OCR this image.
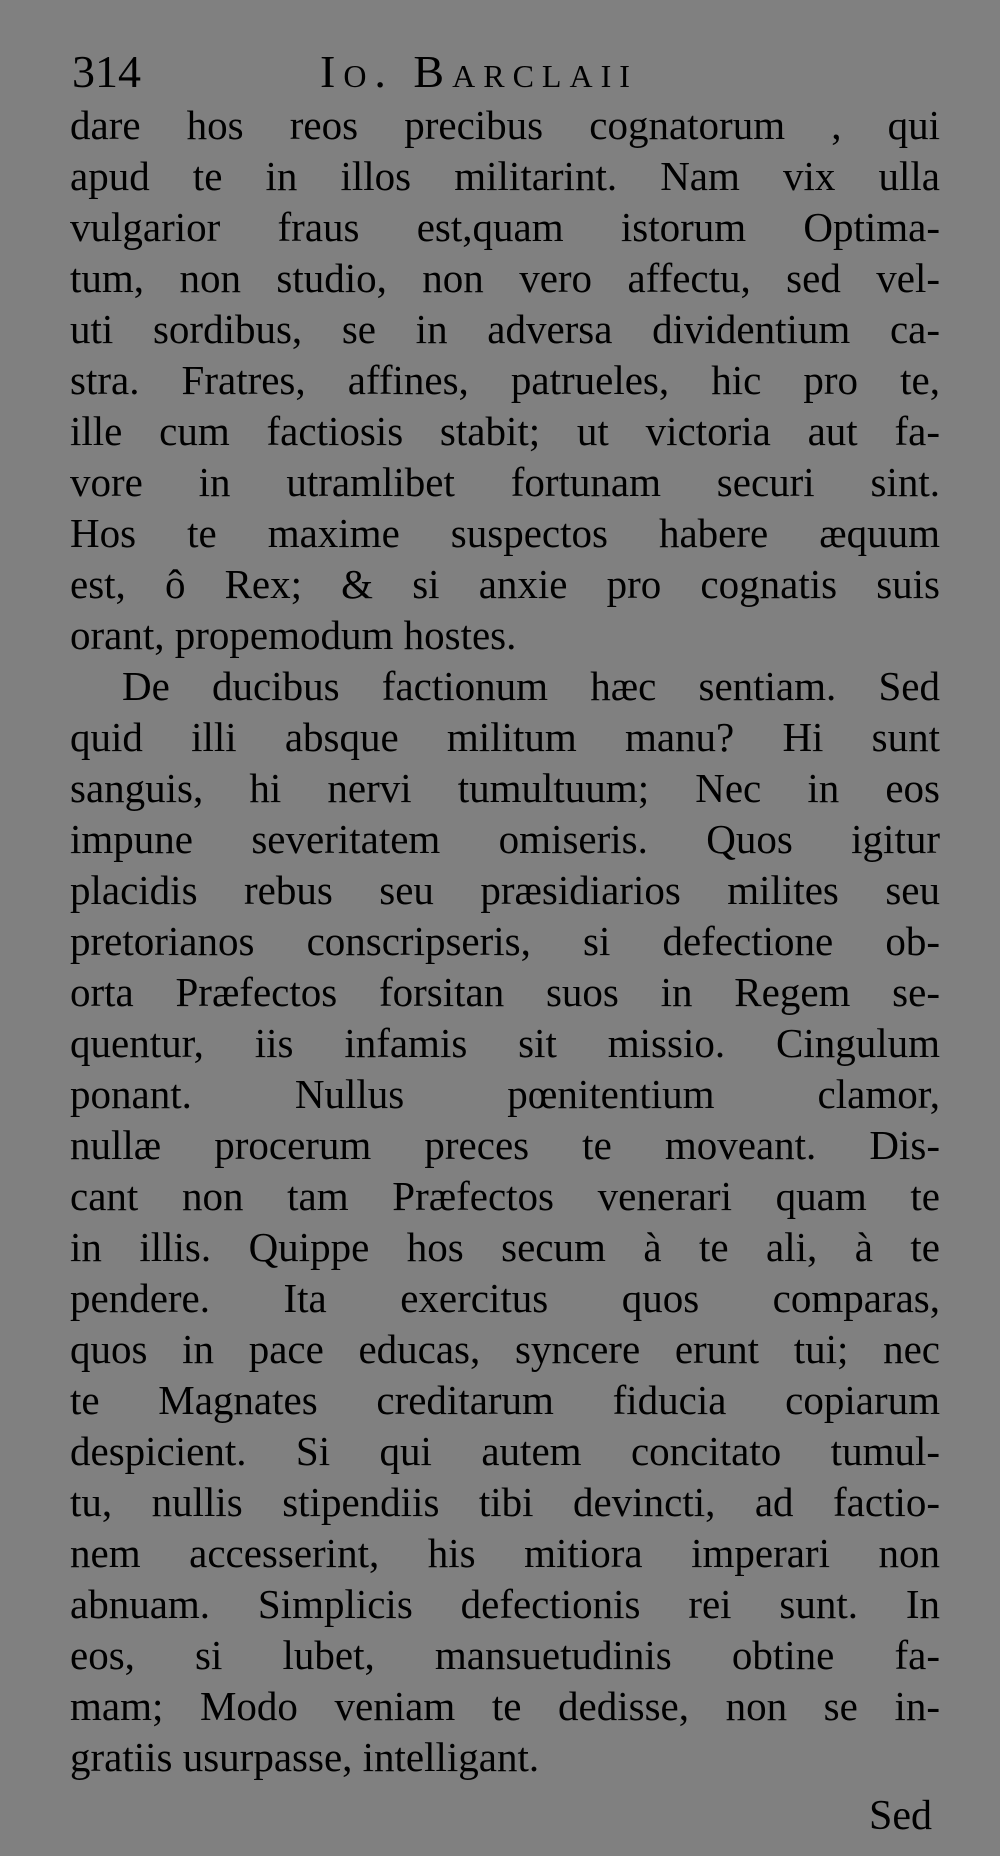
314	Io. Barclaii
dare hos reos precibus cognatorum , qui
apud te in illos militarint. Nam vix ulla
vulgarior fraus est,quam istorum Optima-
tum, non studio, non vero affectu, sed vel-
uti sordibus, se in adversa dividentium ca-
stra. Fratres, affines, patrueles, hic pro te,
ille cum factiosis stabit; ut victoria aut fa-
vore in utramlibet fortunam securi sint.
Hos te maxime suspectos habere æquum
est, ô Rex; & si anxie pro cognatis suis
orant, propemodum hostes.
De ducibus factionum hæc sentiam. Sed
quid illi absque militum manu? Hi sunt
sanguis, hi nervi tumultuum; Nec in eos
impune severitatem omiseris. Quos igitur
placidis rebus seu præsidiarios milites seu
pretorianos conscripseris, si defectione ob-
orta Præfectos forsitan suos in Regem se-
quentur, iis infamis sit missio. Cingulum
ponant. Nullus pœnitentium clamor,
nullæ procerum preces te moveant. Dis-
cant non tam Præfectos venerari quam te
in illis. Quippe hos secum à te ali, à te
pendere. Ita exercitus quos comparas,
quos in pace educas, syncere erunt tui; nec
te Magnates creditarum fiducia copiarum
despicient. Si qui autem concitato tumul-
tu, nullis stipendiis tibi devincti, ad factio-
nem accesserint, his mitiora imperari non
abnuam. Simplicis defectionis rei sunt. In
eos, si lubet, mansuetudinis obtine fa-
mam; Modo veniam te dedisse, non se in-
gratiis usurpasse, intelligant.
Sed
